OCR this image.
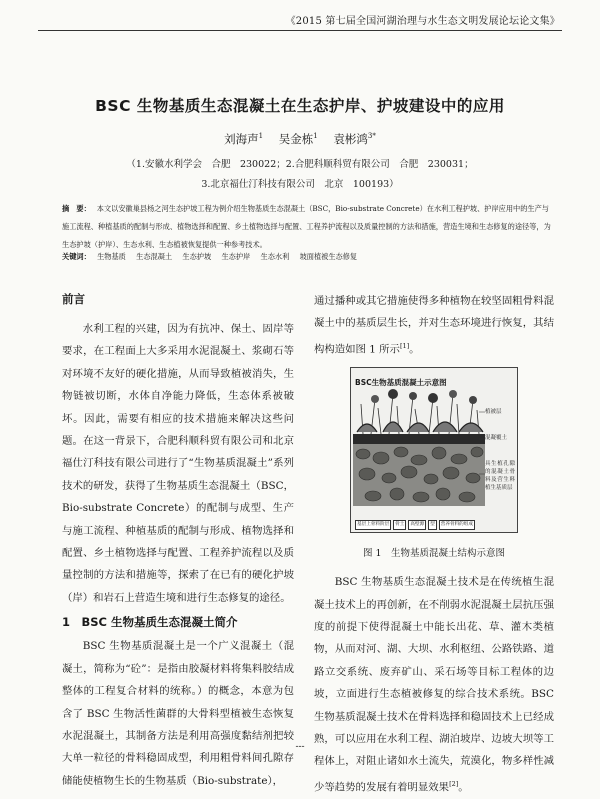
《2015 第七届全国河湖治理与水生态文明发展论坛论文集》
BSC 生物基质生态混凝土在生态护岸、护坡建设中的应用
刘海声$^1$ 吴金栋$^1$ 袁彬鸿$^{3*}$
（1.安徽水利学会　合肥　230022；2.合肥科顺科贸有限公司　合肥　230031；
3.北京福仕汀科技有限公司　北京　100193）
摘　要： 本文以安徽巢县杨之河生态护坡工程为例介绍生物基质生态混凝土（BSC，Bio-substrate Concrete）在水利工程护坡、护岸应用中的生产与施工流程、种植基质的配制与形成、植物选择和配置、乡土植物选择与配置、工程养护流程以及质量控制的方法和措施，营造生境和生态修复的途径等，为生态护坡（护岸）、生态水利、生态植被恢复提供一种参考技术。
关键词： 生物基质 生态混凝土 生态护坡 生态护岸 生态水利 坡面植被生态修复
前言

水利工程的兴建，因为有抗冲、保土、固岸等要求，在工程面上大多采用水泥混凝土、浆砌石等对环境不友好的硬化措施，从而导致植被消失，生物链被切断，水体自净能力降低，生态体系被破坏。因此，需要有相应的技术措施来解决这些问题。在这一背景下，合肥科顺科贸有限公司和北京福仕汀科技有限公司进行了“生物基质混凝土”系列技术的研发，获得了生物基质生态混凝土（BSC，Bio-substrate Concrete）的配制与成型、生产与施工流程、种植基质的配制与形成、植物选择和配置、乡土植物选择与配置、工程养护流程以及质量控制的方法和措施等，探索了在已有的硬化护坡（岸）和岩石上营造生境和进行生态修复的途径。

1　BSC 生物基质生态混凝土简介

BSC 生物基质混凝土是一个广义混凝土（混凝土，简称为“砼”：是指由胶凝材料将集料胶结成整体的工程复合材料的统称。）的概念，本意为包含了 BSC 生物活性菌群的大骨料型植被生态恢复水泥混凝土，其制备方法是利用高强度黏结剂把较大单一粒径的骨料稳固成型，利用粗骨料间孔隙存储能使植物生长的生物基质（Bio-substrate），

通过播种或其它措施使得多种植物在较坚固粗骨料混凝土中的基质层生长，并对生态环境进行恢复，其结构构造如图 1 所示[1]。

BSC生物基质混凝土示意图
植被层
混凝覆土
具生植孔隙的混凝土骨料及营生料植生基质层
基层上骨料阶层	骨土	高壁源	型	营养骨料的组成
图 1　生物基质混凝土结构示意图

BSC 生物基质生态混凝土技术是在传统植生混凝土技术上的再创新，在不削弱水泥混凝土层抗压强度的前提下使得混凝土中能长出花、草、灌木类植物，从而对河、湖、大坝、水利枢纽、公路铁路、道路立交系统、废弃矿山、采石场等目标工程体的边坡，立面进行生态植被修复的综合技术系统。BSC 生物基质混凝土技术在骨料选择和稳固技术上已经成熟，可以应用在水利工程、湖泊坡岸、边坡大坝等工程体上，对阻止诸如水土流失，荒漠化，物多样性减少等趋势的发展有着明显效果[2]。

---
